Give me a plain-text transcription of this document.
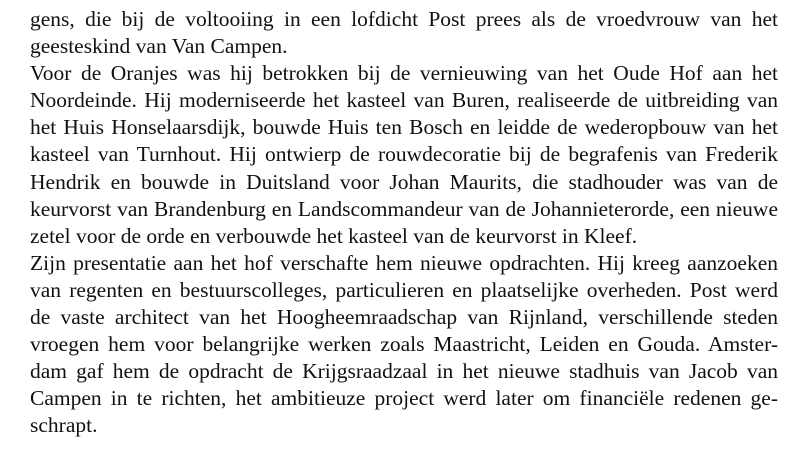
gens, die bij de voltooiing in een lofdicht Post prees als de vroedvrouw van het
geesteskind van Van Campen.
Voor de Oranjes was hij betrokken bij de vernieuwing van het Oude Hof aan het
Noordeinde. Hij moderniseerde het kasteel van Buren, realiseerde de uitbreiding van
het Huis Honselaarsdijk, bouwde Huis ten Bosch en leidde de wederopbouw van het
kasteel van Turnhout. Hij ontwierp de rouwdecoratie bij de begrafenis van Frederik
Hendrik en bouwde in Duitsland voor Johan Maurits, die stadhouder was van de
keurvorst van Brandenburg en Landscommandeur van de Johannieterorde, een nieuwe
zetel voor de orde en verbouwde het kasteel van de keurvorst in Kleef.
Zijn presentatie aan het hof verschafte hem nieuwe opdrachten. Hij kreeg aanzoeken
van regenten en bestuurscolleges, particulieren en plaatselijke overheden. Post werd
de vaste architect van het Hoogheemraadschap van Rijnland, verschillende steden
vroegen hem voor belangrijke werken zoals Maastricht, Leiden en Gouda. Amster-
dam gaf hem de opdracht de Krijgsraadzaal in het nieuwe stadhuis van Jacob van
Campen in te richten, het ambitieuze project werd later om financiële redenen ge-
schrapt.
